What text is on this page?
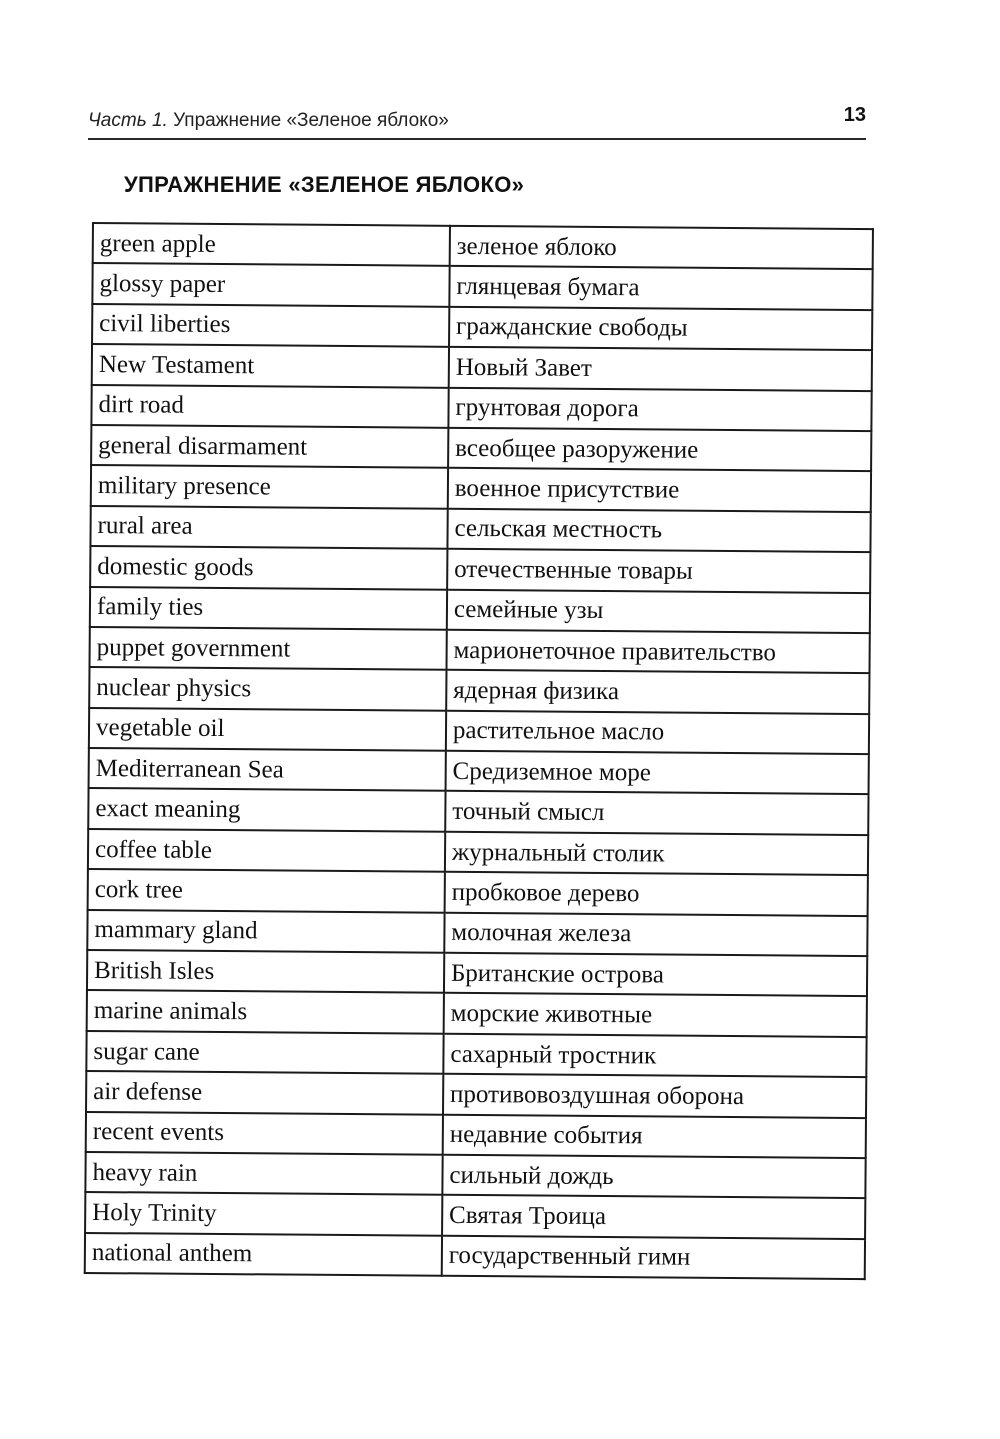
Часть 1. Упражнение «Зеленое яблоко»	13
УПРАЖНЕНИЕ «ЗЕЛЕНОЕ ЯБЛОКО»
green apple	зеленое яблоко
glossy paper	глянцевая бумага
civil liberties	гражданские свободы
New Testament	Новый Завет
dirt road	грунтовая дорога
general disarmament	всеобщее разоружение
military presence	военное присутствие
rural area	сельская местность
domestic goods	отечественные товары
family ties	семейные узы
puppet government	марионеточное правительство
nuclear physics	ядерная физика
vegetable oil	растительное масло
Mediterranean Sea	Средиземное море
exact meaning	точный смысл
coffee table	журнальный столик
cork tree	пробковое дерево
mammary gland	молочная железа
British Isles	Британские острова
marine animals	морские животные
sugar cane	сахарный тростник
air defense	противовоздушная оборона
recent events	недавние события
heavy rain	сильный дождь
Holy Trinity	Святая Троица
national anthem	государственный гимн
